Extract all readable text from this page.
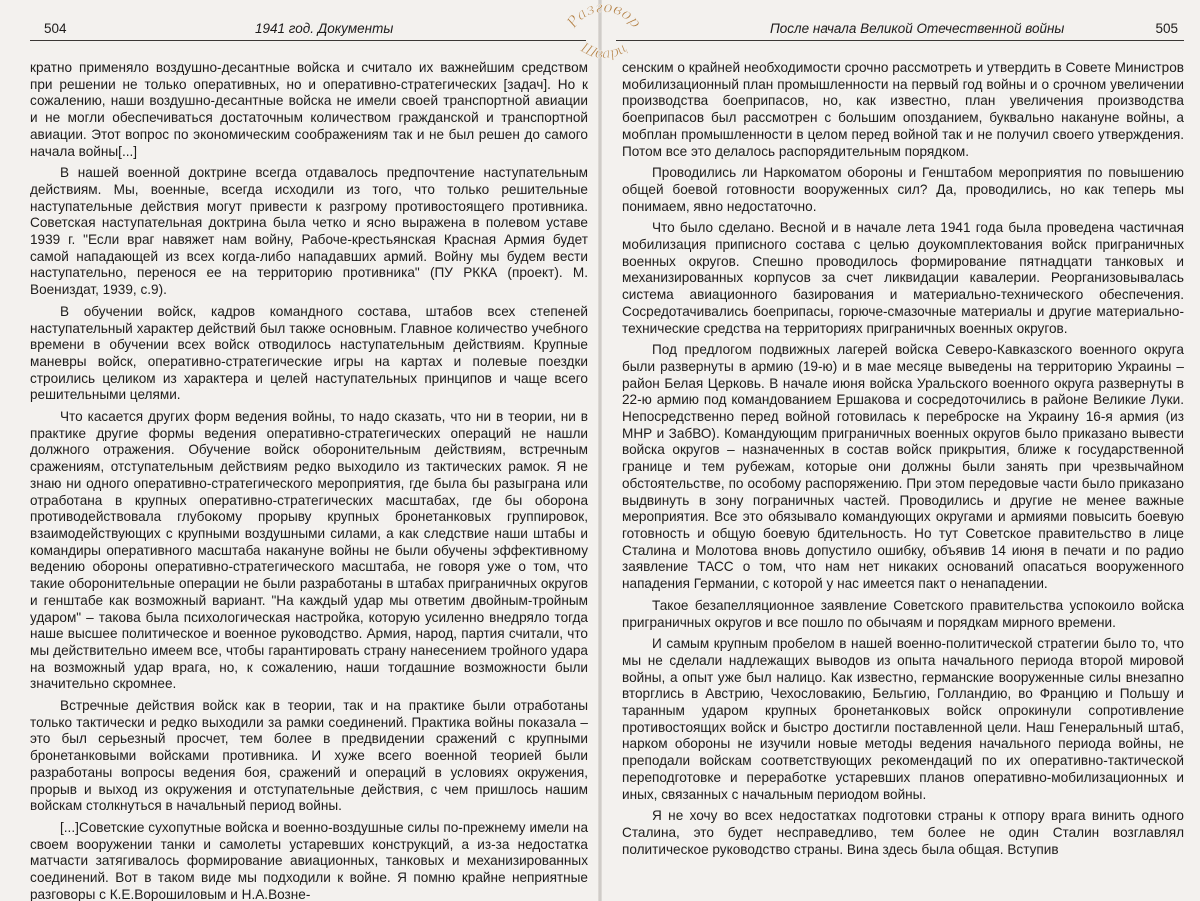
504	1941 год. Документы

кратно применяло воздушно-десантные войска и считало их важнейшим средством при решении не только оперативных, но и оперативно-стратегических [задач]. Но к сожалению, наши воздушно-десантные войска не имели своей транспортной авиации и не могли обеспечиваться достаточным количеством гражданской и транспортной авиации. Этот вопрос по экономическим соображениям так и не был решен до самого начала войны[...]

В нашей военной доктрине всегда отдавалось предпочтение наступательным действиям. Мы, военные, всегда исходили из того, что только решительные наступательные действия могут привести к разгрому противостоящего противника. Советская наступательная доктрина была четко и ясно выражена в полевом уставе 1939 г. "Если враг навяжет нам войну, Рабоче-крестьянская Красная Армия будет самой нападающей из всех когда-либо нападавших армий. Войну мы будем вести наступательно, перенося ее на территорию противника" (ПУ РККА (проект). М. Воениздат, 1939, с.9).

В обучении войск, кадров командного состава, штабов всех степеней наступательный характер действий был также основным. Главное количество учебного времени в обучении всех войск отводилось наступательным действиям. Крупные маневры войск, оперативно-стратегические игры на картах и полевые поездки строились целиком из характера и целей наступательных принципов и чаще всего решительными целями.

Что касается других форм ведения войны, то надо сказать, что ни в теории, ни в практике другие формы ведения оперативно-стратегических операций не нашли должного отражения. Обучение войск оборонительным действиям, встречным сражениям, отступательным действиям редко выходило из тактических рамок. Я не знаю ни одного оперативно-стратегического мероприятия, где была бы разыграна или отработана в крупных оперативно-стратегических масштабах, где бы оборона противодействовала глубокому прорыву крупных бронетанковых группировок, взаимодействующих с крупными воздушными силами, а как следствие наши штабы и командиры оперативного масштаба накануне войны не были обучены эффективному ведению обороны оперативно-стратегического масштаба, не говоря уже о том, что такие оборонительные операции не были разработаны в штабах приграничных округов и генштабе как возможный вариант. "На каждый удар мы ответим двойным-тройным ударом" – такова была психологическая настройка, которую усиленно внедряло тогда наше высшее политическое и военное руководство. Армия, народ, партия считали, что мы действительно имеем все, чтобы гарантировать страну нанесением тройного удара на возможный удар врага, но, к сожалению, наши тогдашние возможности были значительно скромнее.

Встречные действия войск как в теории, так и на практике были отработаны только тактически и редко выходили за рамки соединений. Практика войны показала – это был серьезный просчет, тем более в предвидении сражений с крупными бронетанковыми войсками противника. И хуже всего военной теорией были разработаны вопросы ведения боя, сражений и операций в условиях окружения, прорыв и выход из окружения и отступательные действия, с чем пришлось нашим войскам столкнуться в начальный период войны.

[...]Советские сухопутные войска и военно-воздушные силы по-прежнему имели на своем вооружении танки и самолеты устаревших конструкций, а из-за недостатка матчасти затягивалось формирование авиационных, танковых и механизированных соединений. Вот в таком виде мы подходили к войне. Я помню крайне неприятные разговоры с К.Е.Ворошиловым и Н.А.Возне-

После начала Великой Отечественной войны	505

сенским о крайней необходимости срочно рассмотреть и утвердить в Совете Министров мобилизационный план промышленности на первый год войны и о срочном увеличении производства боеприпасов, но, как известно, план увеличения производства боеприпасов был рассмотрен с большим опозданием, буквально накануне войны, а мобплан промышленности в целом перед войной так и не получил своего утверждения. Потом все это делалось распорядительным порядком.

Проводились ли Наркоматом обороны и Генштабом мероприятия по повышению общей боевой готовности вооруженных сил? Да, проводились, но как теперь мы понимаем, явно недостаточно.

Что было сделано. Весной и в начале лета 1941 года была проведена частичная мобилизация приписного состава с целью доукомплектования войск приграничных военных округов. Спешно проводилось формирование пятнадцати танковых и механизированных корпусов за счет ликвидации кавалерии. Реорганизовывалась система авиационного базирования и материально-технического обеспечения. Сосредотачивались боеприпасы, горюче-смазочные материалы и другие материально-технические средства на территориях приграничных военных округов.

Под предлогом подвижных лагерей войска Северо-Кавказского военного округа были развернуты в армию (19-ю) и в мае месяце выведены на территорию Украины – район Белая Церковь. В начале июня войска Уральского военного округа развернуты в 22-ю армию под командованием Ершакова и сосредоточились в районе Великие Луки. Непосредственно перед войной готовилась к переброске на Украину 16-я армия (из МНР и ЗабВО). Командующим приграничных военных округов было приказано вывести войска округов – назначенных в состав войск прикрытия, ближе к государственной границе и тем рубежам, которые они должны были занять при чрезвычайном обстоятельстве, по особому распоряжению. При этом передовые части было приказано выдвинуть в зону пограничных частей. Проводились и другие не менее важные мероприятия. Все это обязывало командующих округами и армиями повысить боевую готовность и общую боевую бдительность. Но тут Советское правительство в лице Сталина и Молотова вновь допустило ошибку, объявив 14 июня в печати и по радио заявление ТАСС о том, что нам нет никаких оснований опасаться вооруженного нападения Германии, с которой у нас имеется пакт о ненападении.

Такое безапелляционное заявление Советского правительства успокоило войска приграничных округов и все пошло по обычаям и порядкам мирного времени.

И самым крупным пробелом в нашей военно-политической стратегии было то, что мы не сделали надлежащих выводов из опыта начального периода второй мировой войны, а опыт уже был налицо. Как известно, германские вооруженные силы внезапно вторглись в Австрию, Чехословакию, Бельгию, Голландию, во Францию и Польшу и таранным ударом крупных бронетанковых войск опрокинули сопротивление противостоящих войск и быстро достигли поставленной цели. Наш Генеральный штаб, нарком обороны не изучили новые методы ведения начального периода войны, не преподали войскам соответствующих рекомендаций по их оперативно-тактической переподготовке и переработке устаревших планов оперативно-мобилизационных и иных, связанных с начальным периодом войны.

Я не хочу во всех недостатках подготовки страны к отпору врага винить одного Сталина, это будет несправедливо, тем более не один Сталин возглавлял политическое руководство страны. Вина здесь была общая. Вступив

Разговор
Шварц
